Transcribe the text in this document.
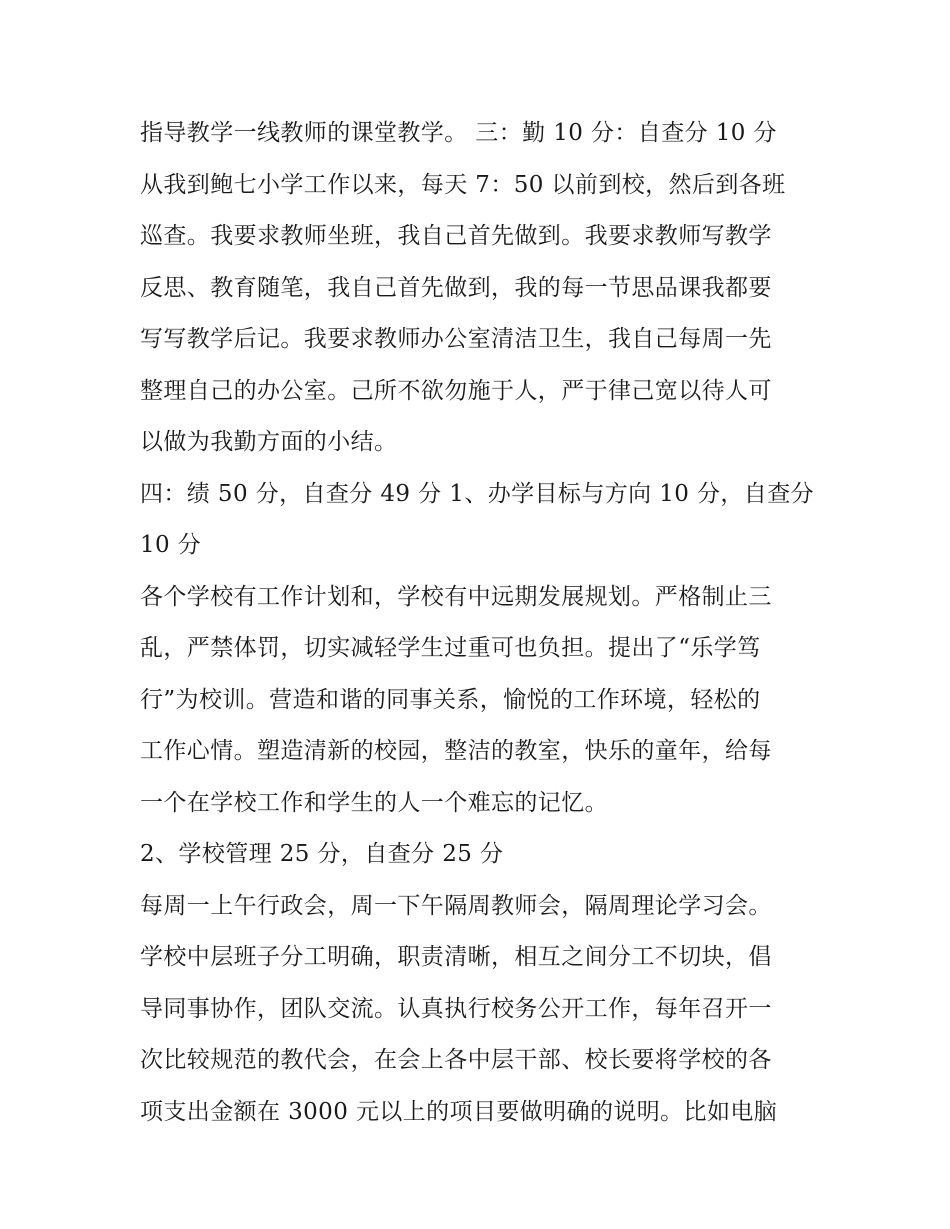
指导教学一线教师的课堂教学。 三：勤 10 分：自查分 10 分
从我到鲍七小学工作以来，每天 7：50 以前到校，然后到各班
巡查。我要求教师坐班，我自己首先做到。我要求教师写教学
反思、教育随笔，我自己首先做到，我的每一节思品课我都要
写写教学后记。我要求教师办公室清洁卫生，我自己每周一先
整理自己的办公室。己所不欲勿施于人，严于律己宽以待人可
以做为我勤方面的小结。
四：绩 50 分，自查分 49 分 1、办学目标与方向 10 分，自查分
10 分
各个学校有工作计划和，学校有中远期发展规划。严格制止三
乱，严禁体罚，切实减轻学生过重可也负担。提出了“乐学笃
行”为校训。营造和谐的同事关系，愉悦的工作环境，轻松的
工作心情。塑造清新的校园，整洁的教室，快乐的童年，给每
一个在学校工作和学生的人一个难忘的记忆。
2、学校管理 25 分，自查分 25 分
每周一上午行政会，周一下午隔周教师会，隔周理论学习会。
学校中层班子分工明确，职责清晰，相互之间分工不切块，倡
导同事协作，团队交流。认真执行校务公开工作，每年召开一
次比较规范的教代会，在会上各中层干部、校长要将学校的各
项支出金额在 3000 元以上的项目要做明确的说明。比如电脑
